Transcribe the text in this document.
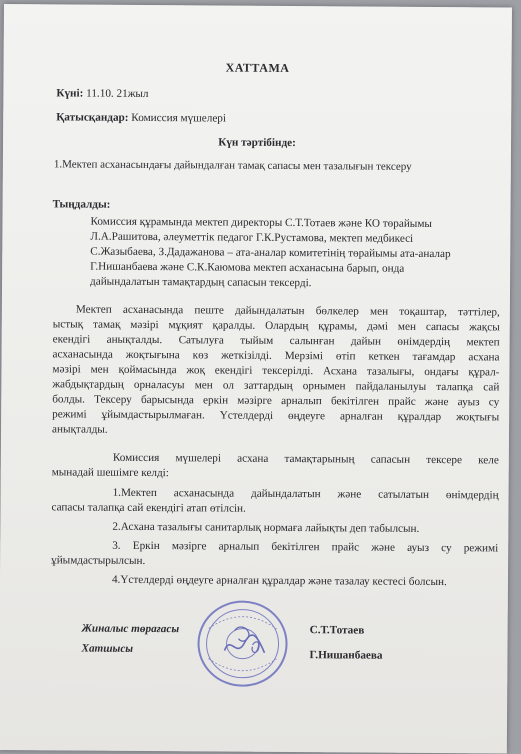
ХАТТАМА
Күні: 11.10. 21жыл
Қатысқандар: Комиссия мүшелері
Күн тәртібінде:
1.Мектеп асханасындағы дайындалған тамақ сапасы мен тазалығын тексеру
Тыңдалды:
Комиссия құрамында мектеп директоры С.Т.Тотаев және КО төрайымы
Л.А.Рашитова, әлеуметтік педагог Г.К.Рустамова, мектеп медбикесі
С.Жазыбаева, З.Дадажанова – ата-аналар комитетінің төрайымы ата-аналар
Г.Нишанбаева және С.К.Каюмова мектеп асханасына барып, онда
дайындалатын тамақтардың сапасын тексерді.
Мектеп асханасында пеште дайындалатын бөлкелер мен тоқаштар, тәттілер,
ыстық тамақ мәзірі мұқият қаралды. Олардың құрамы, дәмі мен сапасы жақсы
екендігі анықталды. Сатылуға тыйым салынған дайын өнімдердің мектеп
асханасында жоқтығына көз жеткізілді. Мерзімі өтіп кеткен тағамдар асхана
мәзірі мен қоймасында жоқ екендігі тексерілді. Асхана тазалығы, ондағы құрал-
жабдықтардың орналасуы мен ол заттардың орнымен пайдаланылуы талапқа сай
болды. Тексеру барысында еркін мәзірге арналып бекітілген прайс және ауыз су
режимі ұйымдастырылмаған. Үстелдерді өңдеуге арналған құралдар жоқтығы
анықталды.
Комиссия мүшелері асхана тамақтарының сапасын тексере келе
мынадай шешімге келді:
1.Мектеп асханасында дайындалатын және сатылатын өнімдердің
сапасы талапқа сай екендігі атап өтілсін.
2.Асхана тазалығы санитарлық нормаға лайықты деп табылсын.
3. Еркін мәзірге арналып бекітілген прайс және ауыз су режимі
ұйымдастырылсын.
4.Үстелдерді өңдеуге арналған құралдар және тазалау кестесі болсын.
Жиналыс төрағасы	С.Т.Тотаев
Хатшысы
Г.Нишанбаева
